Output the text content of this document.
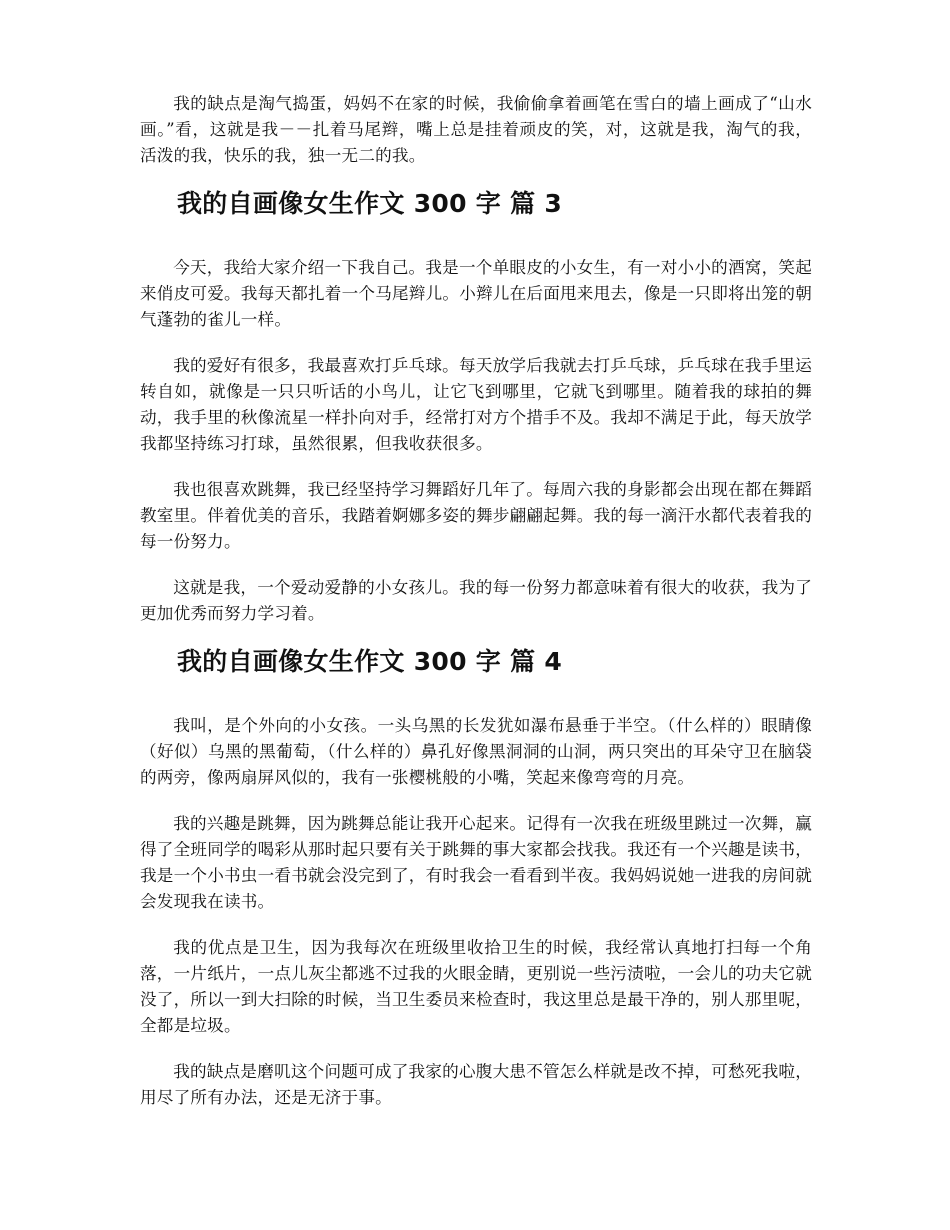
我的缺点是淘气捣蛋，妈妈不在家的时候，我偷偷拿着画笔在雪白的墙上画成了“山水画。”看，这就是我－－扎着马尾辫，嘴上总是挂着顽皮的笑，对，这就是我，淘气的我，活泼的我，快乐的我，独一无二的我。

我的自画像女生作文 300 字 篇 3

今天，我给大家介绍一下我自己。我是一个单眼皮的小女生，有一对小小的酒窝，笑起来俏皮可爱。我每天都扎着一个马尾辫儿。小辫儿在后面甩来甩去，像是一只即将出笼的朝气蓬勃的雀儿一样。

我的爱好有很多，我最喜欢打乒乓球。每天放学后我就去打乒乓球，乒乓球在我手里运转自如，就像是一只只听话的小鸟儿，让它飞到哪里，它就飞到哪里。随着我的球拍的舞动，我手里的秋像流星一样扑向对手，经常打对方个措手不及。我却不满足于此，每天放学我都坚持练习打球，虽然很累，但我收获很多。

我也很喜欢跳舞，我已经坚持学习舞蹈好几年了。每周六我的身影都会出现在都在舞蹈教室里。伴着优美的音乐，我踏着婀娜多姿的舞步翩翩起舞。我的每一滴汗水都代表着我的每一份努力。

这就是我，一个爱动爱静的小女孩儿。我的每一份努力都意味着有很大的收获，我为了更加优秀而努力学习着。

我的自画像女生作文 300 字 篇 4

我叫，是个外向的小女孩。一头乌黑的长发犹如瀑布悬垂于半空。（什么样的）眼睛像（好似）乌黑的黑葡萄，（什么样的）鼻孔好像黑洞洞的山洞，两只突出的耳朵守卫在脑袋的两旁，像两扇屏风似的，我有一张樱桃般的小嘴，笑起来像弯弯的月亮。

我的兴趣是跳舞，因为跳舞总能让我开心起来。记得有一次我在班级里跳过一次舞，赢得了全班同学的喝彩从那时起只要有关于跳舞的事大家都会找我。我还有一个兴趣是读书，我是一个小书虫一看书就会没完到了，有时我会一看看到半夜。我妈妈说她一进我的房间就会发现我在读书。

我的优点是卫生，因为我每次在班级里收拾卫生的时候，我经常认真地打扫每一个角落，一片纸片，一点儿灰尘都逃不过我的火眼金睛，更别说一些污渍啦，一会儿的功夫它就没了，所以一到大扫除的时候，当卫生委员来检查时，我这里总是最干净的，别人那里呢，全都是垃圾。

我的缺点是磨叽这个问题可成了我家的心腹大患不管怎么样就是改不掉，可愁死我啦，用尽了所有办法，还是无济于事。
